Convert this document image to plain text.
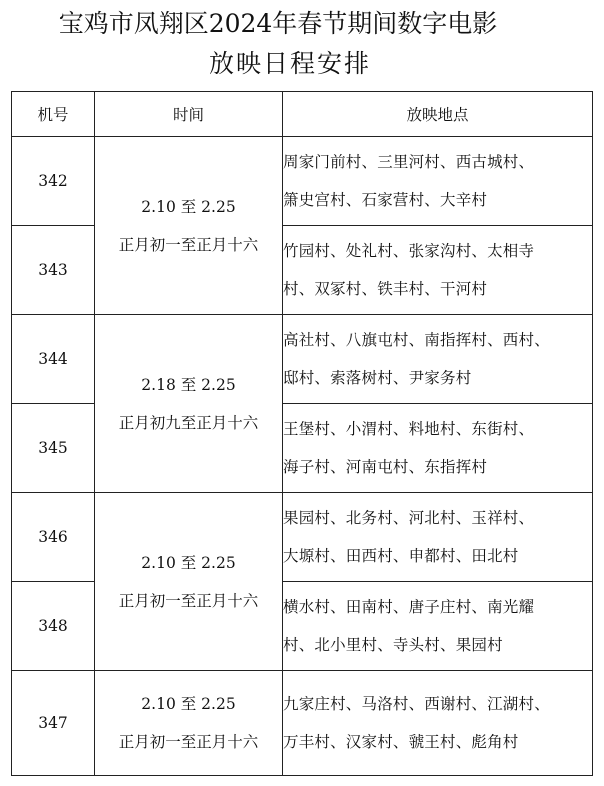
宝鸡市凤翔区2024年春节期间数字电影
放映日程安排
机号	时间	放映地点
342	2.10 至 2.25
正月初一至正月十六	周家门前村、三里河村、西古城村、
箫史宫村、石家营村、大辛村

343		竹园村、处礼村、张家沟村、太相寺
村、双冢村、铁丰村、干河村

344	2.18 至 2.25
正月初九至正月十六	高社村、八旗屯村、南指挥村、西村、
邸村、索落树村、尹家务村

345		王堡村、小渭村、料地村、东街村、
海子村、河南屯村、东指挥村

346	2.10 至 2.25
正月初一至正月十六	果园村、北务村、河北村、玉祥村、
大塬村、田西村、申都村、田北村

348		横水村、田南村、唐子庄村、南光耀
村、北小里村、寺头村、果园村

347	2.10 至 2.25
正月初一至正月十六	九家庄村、马洛村、西谢村、江湖村、
万丰村、汉家村、虢王村、彪角村
